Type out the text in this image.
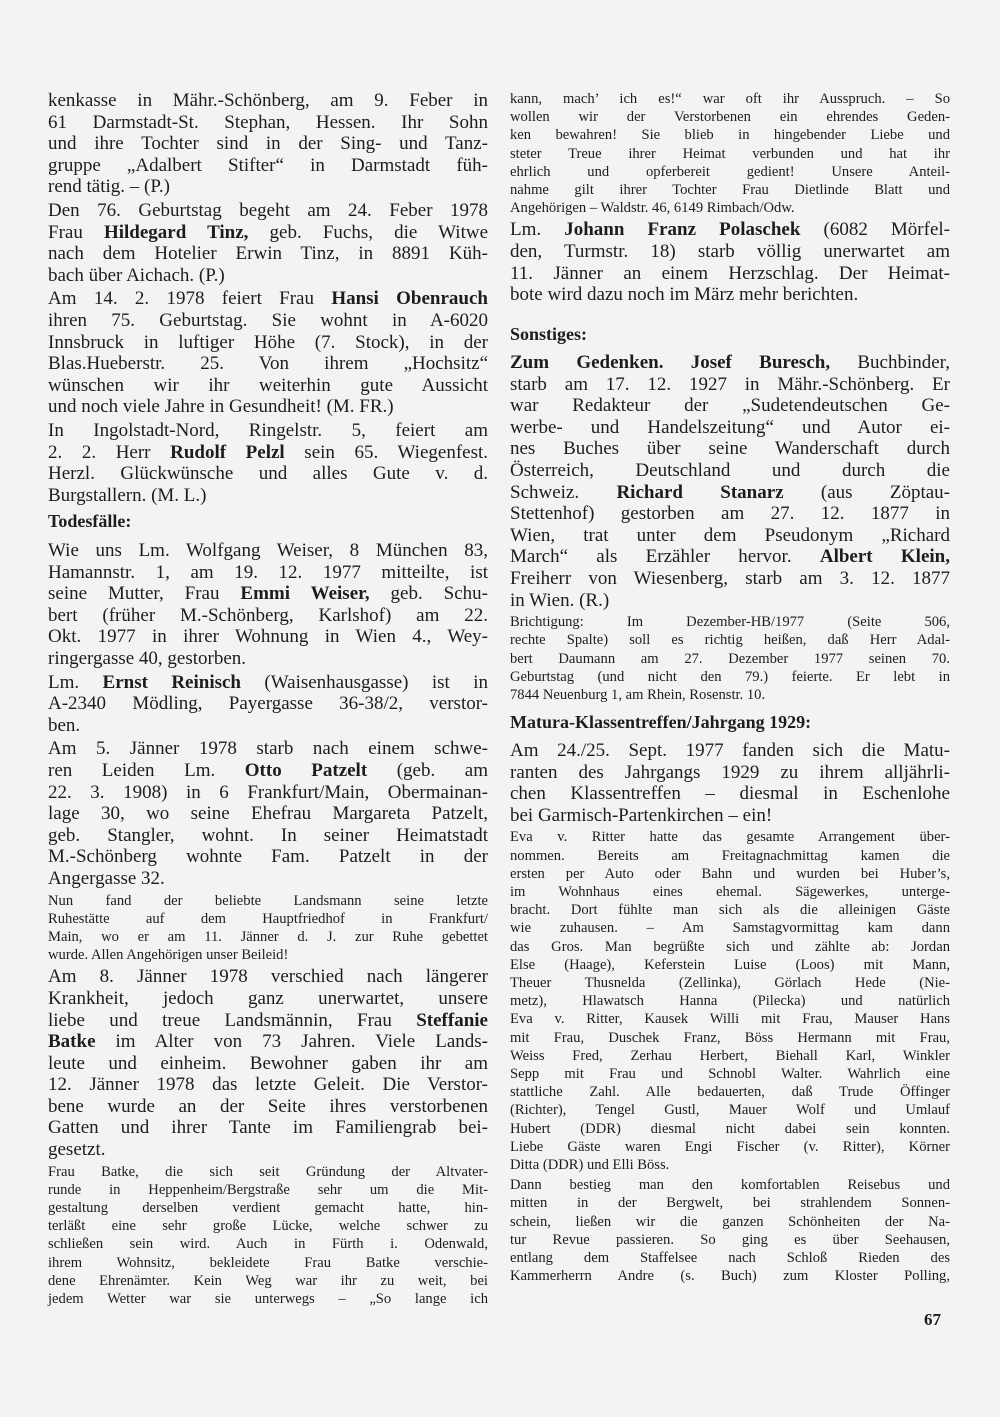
kenkasse in Mähr.-Schönberg, am 9. Feber in
61 Darmstadt-St. Stephan, Hessen. Ihr Sohn
und ihre Tochter sind in der Sing- und Tanz-
gruppe „Adalbert Stifter“ in Darmstadt füh-
rend tätig. – (P.)
Den 76. Geburtstag begeht am 24. Feber 1978
Frau Hildegard Tinz, geb. Fuchs, die Witwe
nach dem Hotelier Erwin Tinz, in 8891 Küh-
bach über Aichach. (P.)
Am 14. 2. 1978 feiert Frau Hansi Obenrauch
ihren 75. Geburtstag. Sie wohnt in A-6020
Innsbruck in luftiger Höhe (7. Stock), in der
Blas.Hueberstr. 25. Von ihrem „Hochsitz“
wünschen wir ihr weiterhin gute Aussicht
und noch viele Jahre in Gesundheit! (M. FR.)
In Ingolstadt-Nord, Ringelstr. 5, feiert am
2. 2. Herr Rudolf Pelzl sein 65. Wiegenfest.
Herzl. Glückwünsche und alles Gute v. d.
Burgstallern. (M. L.)
Todesfälle:
Wie uns Lm. Wolfgang Weiser, 8 München 83,
Hamannstr. 1, am 19. 12. 1977 mitteilte, ist
seine Mutter, Frau Emmi Weiser, geb. Schu-
bert (früher M.-Schönberg, Karlshof) am 22.
Okt. 1977 in ihrer Wohnung in Wien 4., Wey-
ringergasse 40, gestorben.
Lm. Ernst Reinisch (Waisenhausgasse) ist in
A-2340 Mödling, Payergasse 36-38/2, verstor-
ben.
Am 5. Jänner 1978 starb nach einem schwe-
ren Leiden Lm. Otto Patzelt (geb. am
22. 3. 1908) in 6 Frankfurt/Main, Obermainan-
lage 30, wo seine Ehefrau Margareta Patzelt,
geb. Stangler, wohnt. In seiner Heimatstadt
M.-Schönberg wohnte Fam. Patzelt in der
Angergasse 32.
Nun fand der beliebte Landsmann seine letzte
Ruhestätte auf dem Hauptfriedhof in Frankfurt/
Main, wo er am 11. Jänner d. J. zur Ruhe gebettet
wurde. Allen Angehörigen unser Beileid!
Am 8. Jänner 1978 verschied nach längerer
Krankheit, jedoch ganz unerwartet, unsere
liebe und treue Landsmännin, Frau Steffanie
Batke im Alter von 73 Jahren. Viele Lands-
leute und einheim. Bewohner gaben ihr am
12. Jänner 1978 das letzte Geleit. Die Verstor-
bene wurde an der Seite ihres verstorbenen
Gatten und ihrer Tante im Familiengrab bei-
gesetzt.
Frau Batke, die sich seit Gründung der Altvater-
runde in Heppenheim/Bergstraße sehr um die Mit-
gestaltung derselben verdient gemacht hatte, hin-
terläßt eine sehr große Lücke, welche schwer zu
schließen sein wird. Auch in Fürth i. Odenwald,
ihrem Wohnsitz, bekleidete Frau Batke verschie-
dene Ehrenämter. Kein Weg war ihr zu weit, bei
jedem Wetter war sie unterwegs – „So lange ich
kann, mach’ ich es!“ war oft ihr Ausspruch. – So
wollen wir der Verstorbenen ein ehrendes Geden-
ken bewahren! Sie blieb in hingebender Liebe und
steter Treue ihrer Heimat verbunden und hat ihr
ehrlich und opferbereit gedient! Unsere Anteil-
nahme gilt ihrer Tochter Frau Dietlinde Blatt und
Angehörigen – Waldstr. 46, 6149 Rimbach/Odw.
Lm. Johann Franz Polaschek (6082 Mörfel-
den, Turmstr. 18) starb völlig unerwartet am
11. Jänner an einem Herzschlag. Der Heimat-
bote wird dazu noch im März mehr berichten.
Sonstiges:
Zum Gedenken. Josef Buresch, Buchbinder,
starb am 17. 12. 1927 in Mähr.-Schönberg. Er
war Redakteur der „Sudetendeutschen Ge-
werbe- und Handelszeitung“ und Autor ei-
nes Buches über seine Wanderschaft durch
Österreich, Deutschland und durch die
Schweiz. Richard Stanarz (aus Zöptau-
Stettenhof) gestorben am 27. 12. 1877 in
Wien, trat unter dem Pseudonym „Richard
March“ als Erzähler hervor. Albert Klein,
Freiherr von Wiesenberg, starb am 3. 12. 1877
in Wien. (R.)
Brichtigung: Im Dezember-HB/1977 (Seite 506,
rechte Spalte) soll es richtig heißen, daß Herr Adal-
bert Daumann am 27. Dezember 1977 seinen 70.
Geburtstag (und nicht den 79.) feierte. Er lebt in
7844 Neuenburg 1, am Rhein, Rosenstr. 10.
Matura-Klassentreffen/Jahrgang 1929:
Am 24./25. Sept. 1977 fanden sich die Matu-
ranten des Jahrgangs 1929 zu ihrem alljährli-
chen Klassentreffen – diesmal in Eschenlohe
bei Garmisch-Partenkirchen – ein!
Eva v. Ritter hatte das gesamte Arrangement über-
nommen. Bereits am Freitagnachmittag kamen die
ersten per Auto oder Bahn und wurden bei Huber’s,
im Wohnhaus eines ehemal. Sägewerkes, unterge-
bracht. Dort fühlte man sich als die alleinigen Gäste
wie zuhausen. – Am Samstagvormittag kam dann
das Gros. Man begrüßte sich und zählte ab: Jordan
Else (Haage), Keferstein Luise (Loos) mit Mann,
Theuer Thusnelda (Zellinka), Görlach Hede (Nie-
metz), Hlawatsch Hanna (Pilecka) und natürlich
Eva v. Ritter, Kausek Willi mit Frau, Mauser Hans
mit Frau, Duschek Franz, Böss Hermann mit Frau,
Weiss Fred, Zerhau Herbert, Biehall Karl, Winkler
Sepp mit Frau und Schnobl Walter. Wahrlich eine
stattliche Zahl. Alle bedauerten, daß Trude Öffinger
(Richter), Tengel Gustl, Mauer Wolf und Umlauf
Hubert (DDR) diesmal nicht dabei sein konnten.
Liebe Gäste waren Engi Fischer (v. Ritter), Körner
Ditta (DDR) und Elli Böss.
Dann bestieg man den komfortablen Reisebus und
mitten in der Bergwelt, bei strahlendem Sonnen-
schein, ließen wir die ganzen Schönheiten der Na-
tur Revue passieren. So ging es über Seehausen,
entlang dem Staffelsee nach Schloß Rieden des
Kammerherrn Andre (s. Buch) zum Kloster Polling,
67
